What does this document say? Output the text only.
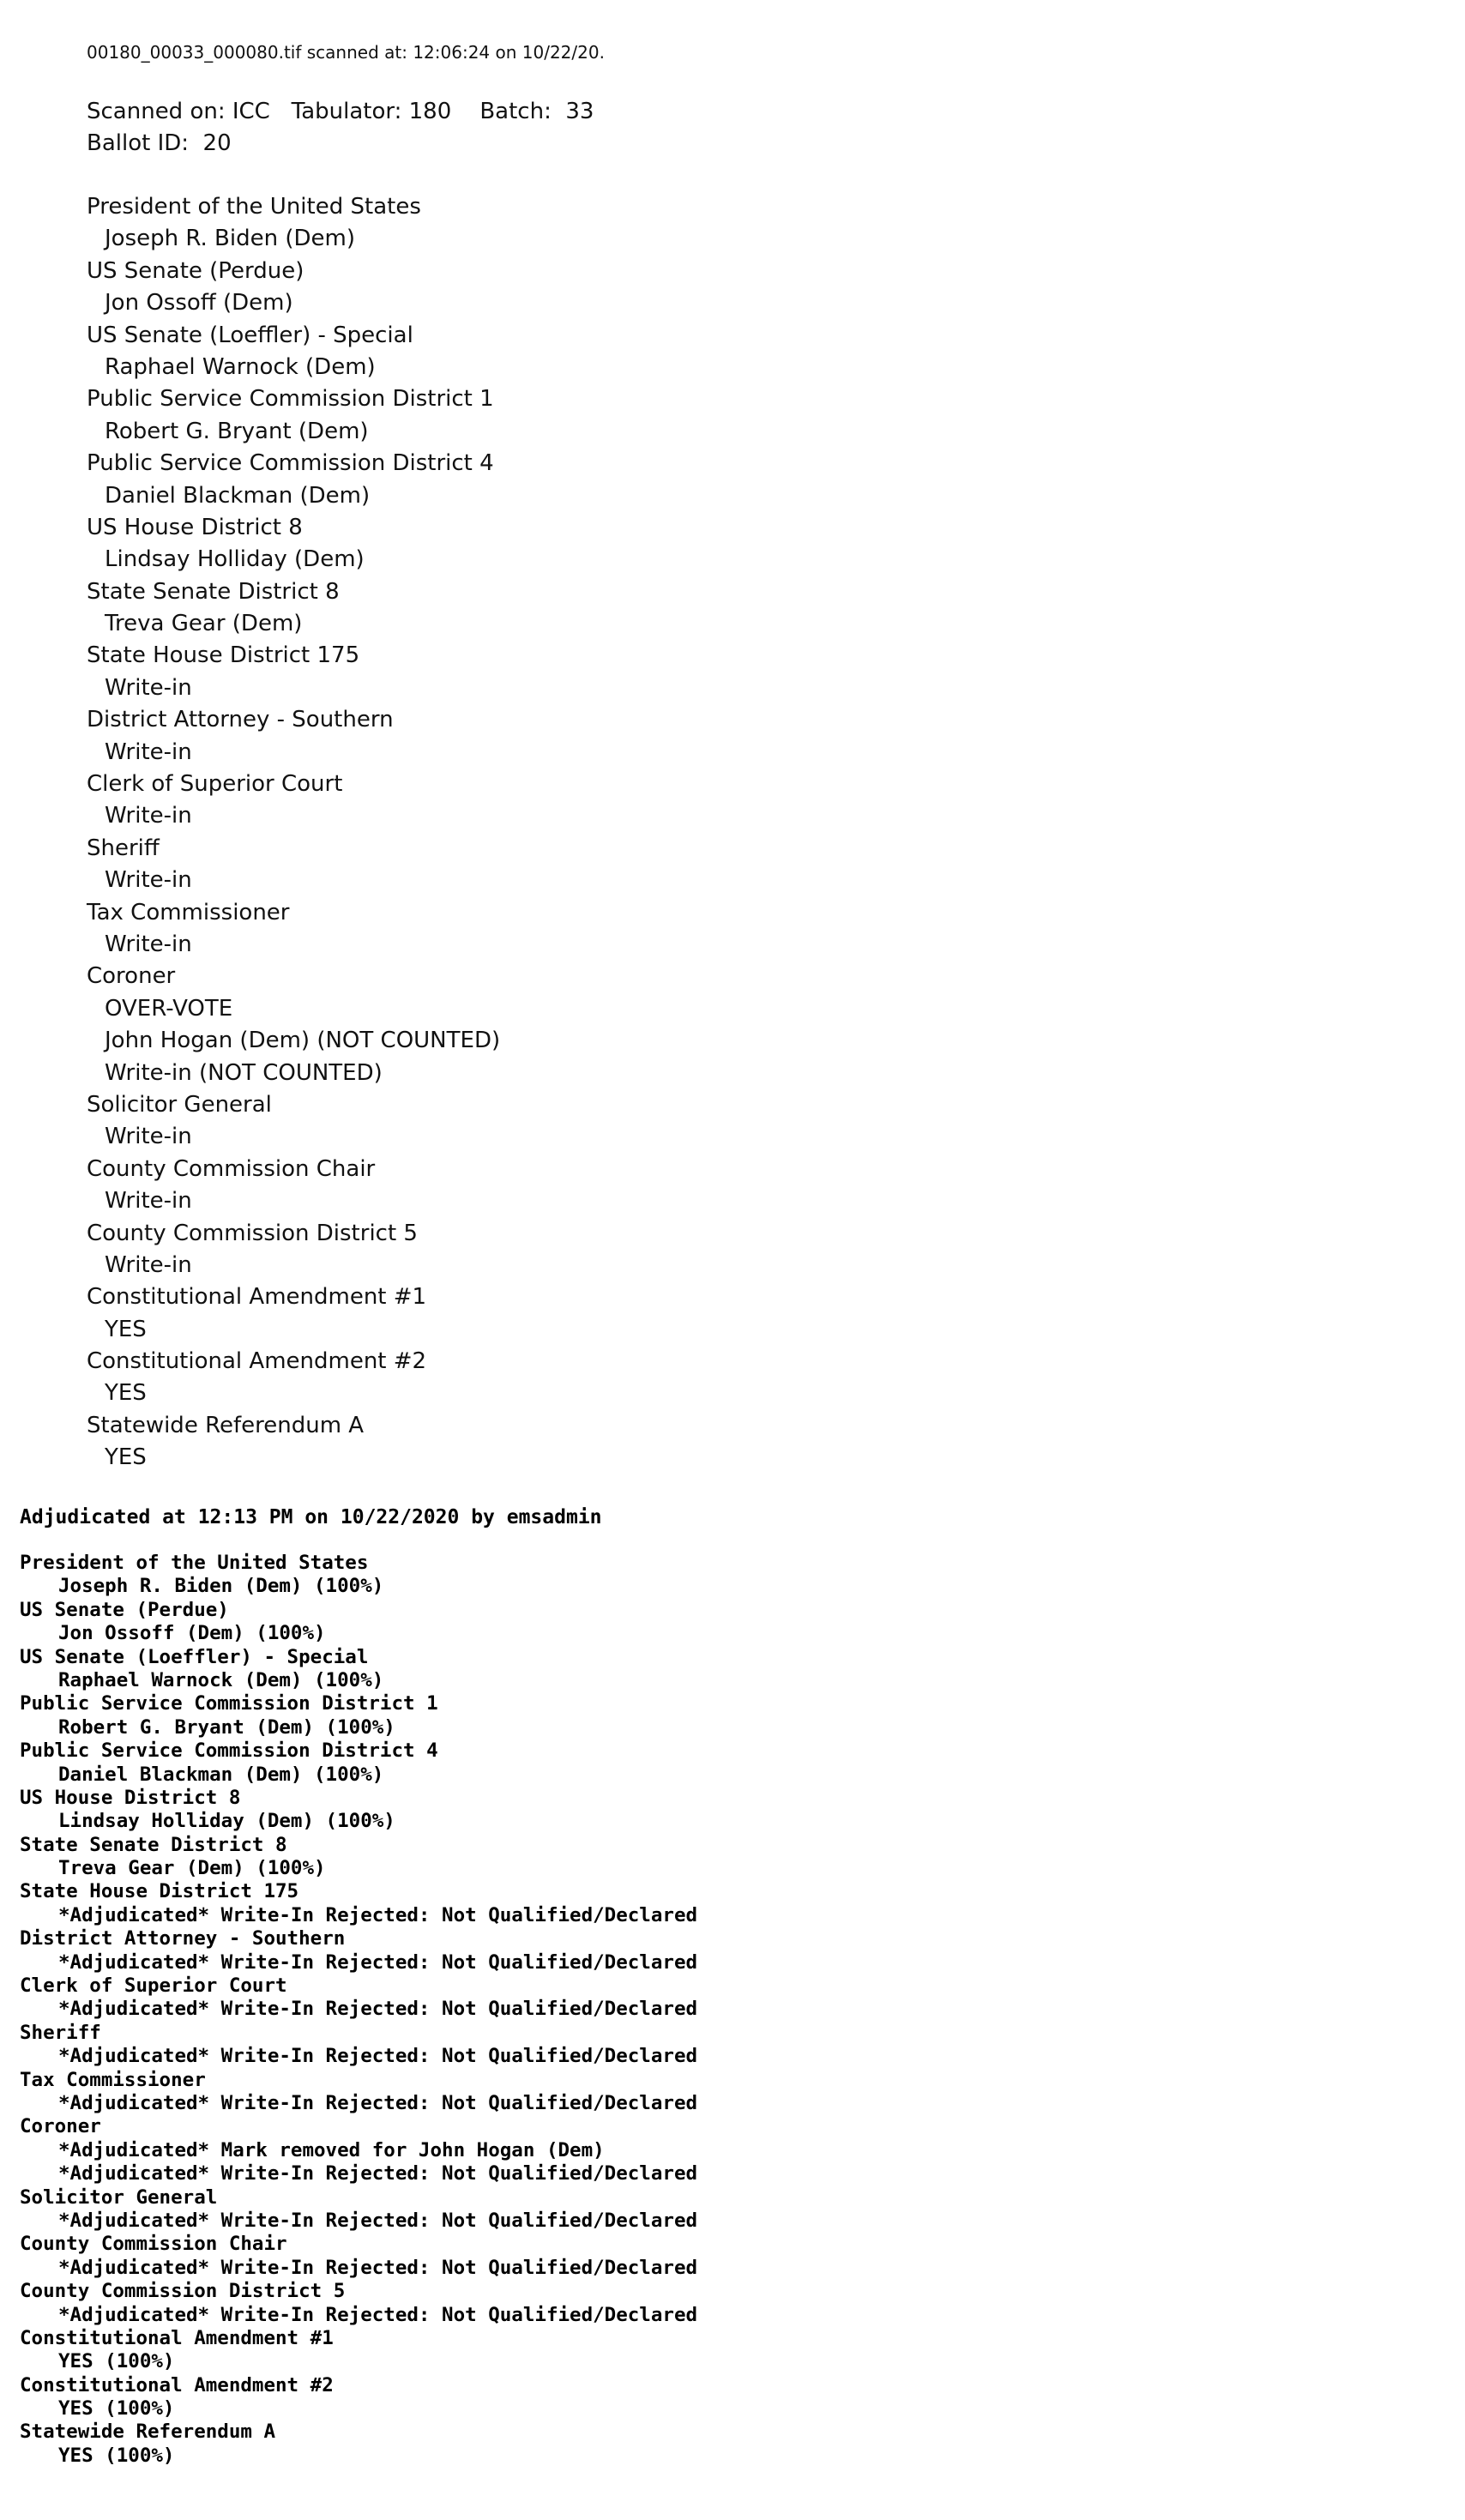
00180_00033_000080.tif scanned at: 12:06:24 on 10/22/20.
Scanned on: ICC   Tabulator: 180    Batch:  33
Ballot ID:  20
President of the United States
Joseph R. Biden (Dem)
US Senate (Perdue)
Jon Ossoff (Dem)
US Senate (Loeffler) - Special
Raphael Warnock (Dem)
Public Service Commission District 1
Robert G. Bryant (Dem)
Public Service Commission District 4
Daniel Blackman (Dem)
US House District 8
Lindsay Holliday (Dem)
State Senate District 8
Treva Gear (Dem)
State House District 175
Write-in
District Attorney - Southern
Write-in
Clerk of Superior Court
Write-in
Sheriff
Write-in
Tax Commissioner
Write-in
Coroner
OVER-VOTE
John Hogan (Dem) (NOT COUNTED)
Write-in (NOT COUNTED)
Solicitor General
Write-in
County Commission Chair
Write-in
County Commission District 5
Write-in
Constitutional Amendment #1
YES
Constitutional Amendment #2
YES
Statewide Referendum A
YES
Adjudicated at 12:13 PM on 10/22/2020 by emsadmin
President of the United States
Joseph R. Biden (Dem) (100%)
US Senate (Perdue)
Jon Ossoff (Dem) (100%)
US Senate (Loeffler) - Special
Raphael Warnock (Dem) (100%)
Public Service Commission District 1
Robert G. Bryant (Dem) (100%)
Public Service Commission District 4
Daniel Blackman (Dem) (100%)
US House District 8
Lindsay Holliday (Dem) (100%)
State Senate District 8
Treva Gear (Dem) (100%)
State House District 175
*Adjudicated* Write-In Rejected: Not Qualified/Declared
District Attorney - Southern
*Adjudicated* Write-In Rejected: Not Qualified/Declared
Clerk of Superior Court
*Adjudicated* Write-In Rejected: Not Qualified/Declared
Sheriff
*Adjudicated* Write-In Rejected: Not Qualified/Declared
Tax Commissioner
*Adjudicated* Write-In Rejected: Not Qualified/Declared
Coroner
*Adjudicated* Mark removed for John Hogan (Dem)
*Adjudicated* Write-In Rejected: Not Qualified/Declared
Solicitor General
*Adjudicated* Write-In Rejected: Not Qualified/Declared
County Commission Chair
*Adjudicated* Write-In Rejected: Not Qualified/Declared
County Commission District 5
*Adjudicated* Write-In Rejected: Not Qualified/Declared
Constitutional Amendment #1
YES (100%)
Constitutional Amendment #2
YES (100%)
Statewide Referendum A
YES (100%)
